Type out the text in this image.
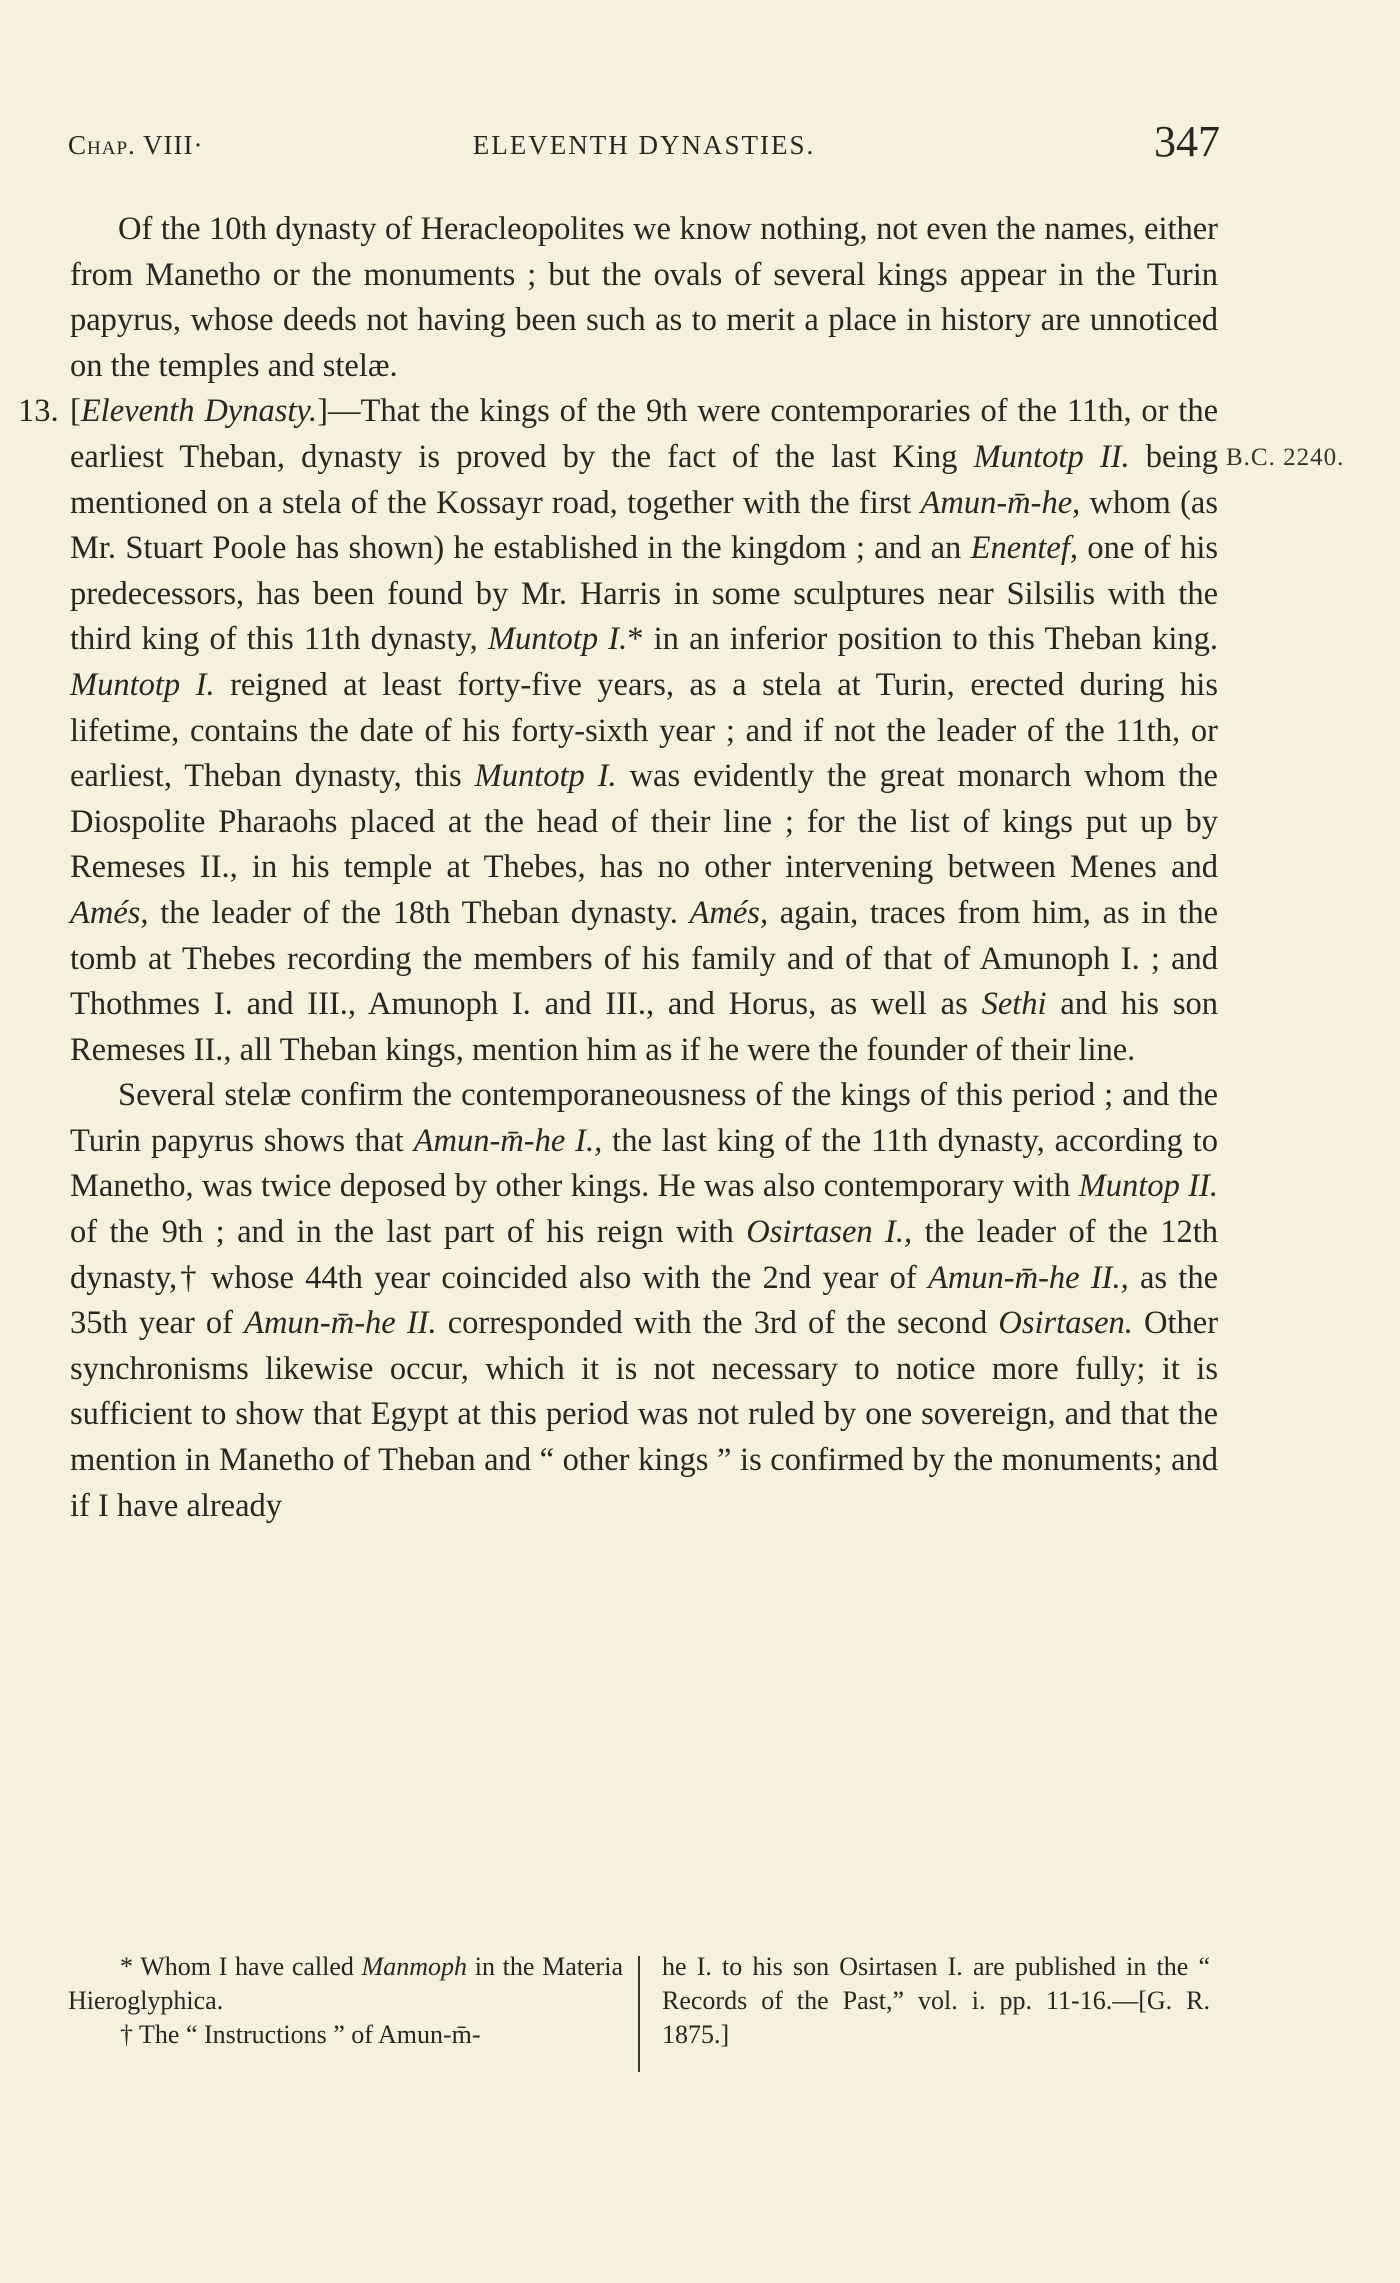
Chap. VIII·	ELEVENTH DYNASTIES.	347
B.C. 2240.

Of the 10th dynasty of Heracleopolites we know nothing, not even the names, either from Manetho or the monuments ; but the ovals of several kings appear in the Turin papyrus, whose deeds not having been such as to merit a place in history are unnoticed on the temples and stelæ.

13. [Eleventh Dynasty.]—That the kings of the 9th were contemporaries of the 11th, or the earliest Theban, dynasty is proved by the fact of the last King Muntotp II. being mentioned on a stela of the Kossayr road, together with the first Amun-m̄-he, whom (as Mr. Stuart Poole has shown) he established in the kingdom ; and an Enentef, one of his predecessors, has been found by Mr. Harris in some sculptures near Silsilis with the third king of this 11th dynasty, Muntotp I.* in an inferior position to this Theban king. Muntotp I. reigned at least forty-five years, as a stela at Turin, erected during his lifetime, contains the date of his forty-sixth year ; and if not the leader of the 11th, or earliest, Theban dynasty, this Muntotp I. was evidently the great monarch whom the Diospolite Pharaohs placed at the head of their line ; for the list of kings put up by Remeses II., in his temple at Thebes, has no other intervening between Menes and Amés, the leader of the 18th Theban dynasty. Amés, again, traces from him, as in the tomb at Thebes recording the members of his family and of that of Amunoph I. ; and Thothmes I. and III., Amunoph I. and III., and Horus, as well as Sethi and his son Remeses II., all Theban kings, mention him as if he were the founder of their line.

Several stelæ confirm the contemporaneousness of the kings of this period ; and the Turin papyrus shows that Amun-m̄-he I., the last king of the 11th dynasty, according to Manetho, was twice deposed by other kings. He was also contemporary with Muntop II. of the 9th ; and in the last part of his reign with Osirtasen I., the leader of the 12th dynasty,† whose 44th year coincided also with the 2nd year of Amun-m̄-he II., as the 35th year of Amun-m̄-he II. corresponded with the 3rd of the second Osirtasen. Other synchronisms likewise occur, which it is not necessary to notice more fully; it is sufficient to show that Egypt at this period was not ruled by one sovereign, and that the mention in Manetho of Theban and “ other kings ” is confirmed by the monuments; and if I have already

* Whom I have called Manmoph in the Materia Hieroglyphica.

† The “ Instructions ” of Amun-m̄-

he I. to his son Osirtasen I. are published in the “ Records of the Past,” vol. i. pp. 11-16.—[G. R. 1875.]
